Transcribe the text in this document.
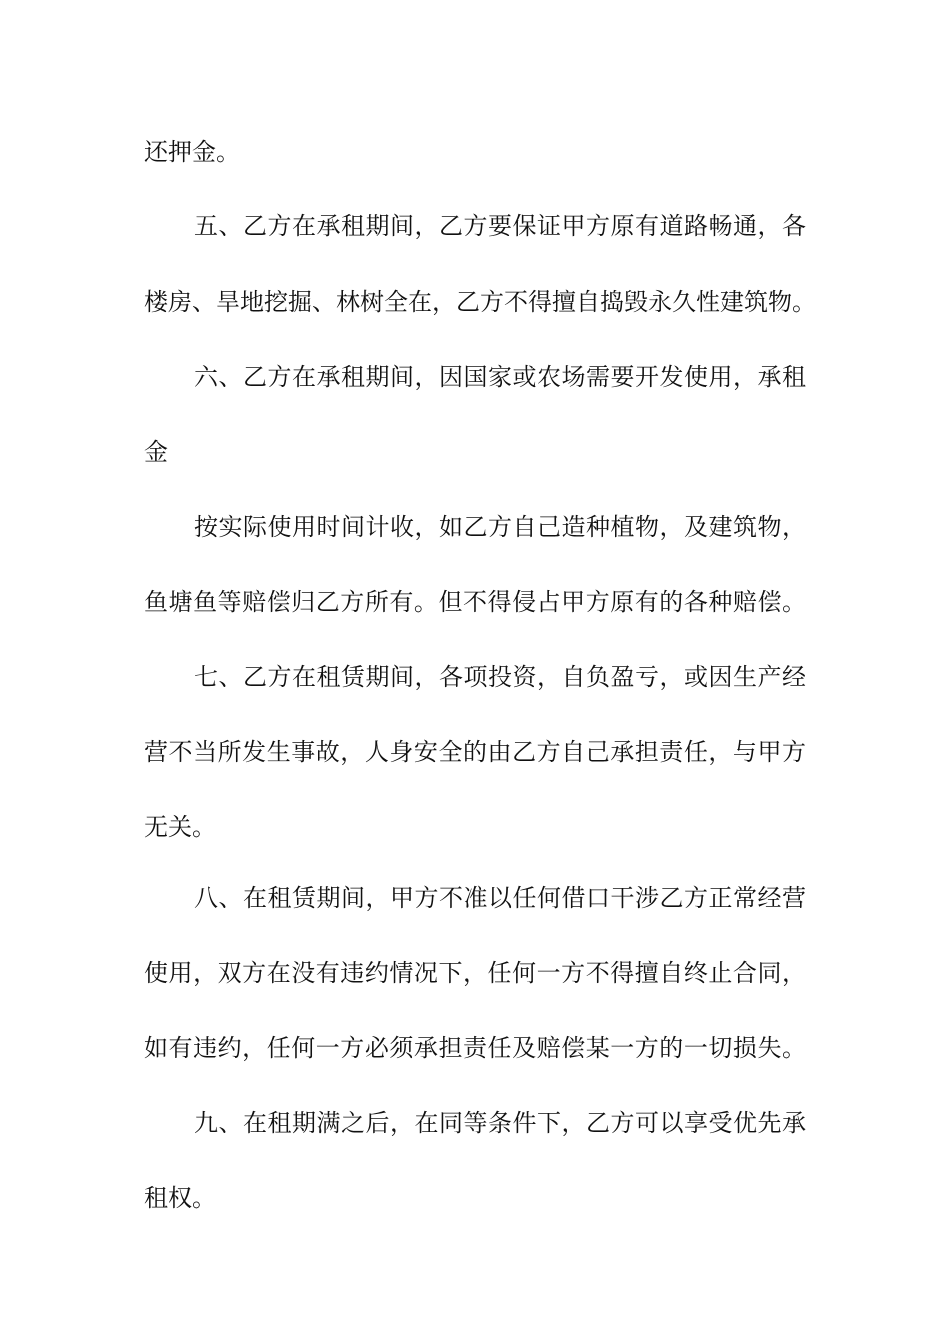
还押金。
五、乙方在承租期间，乙方要保证甲方原有道路畅通，各
楼房、旱地挖掘、林树全在，乙方不得擅自捣毁永久性建筑物。
六、乙方在承租期间，因国家或农场需要开发使用，承租
金
按实际使用时间计收，如乙方自己造种植物，及建筑物，
鱼塘鱼等赔偿归乙方所有。但不得侵占甲方原有的各种赔偿。
七、乙方在租赁期间，各项投资，自负盈亏，或因生产经
营不当所发生事故，人身安全的由乙方自己承担责任，与甲方
无关。
八、在租赁期间，甲方不准以任何借口干涉乙方正常经营
使用，双方在没有违约情况下，任何一方不得擅自终止合同，
如有违约，任何一方必须承担责任及赔偿某一方的一切损失。
九、在租期满之后，在同等条件下，乙方可以享受优先承
租权。
